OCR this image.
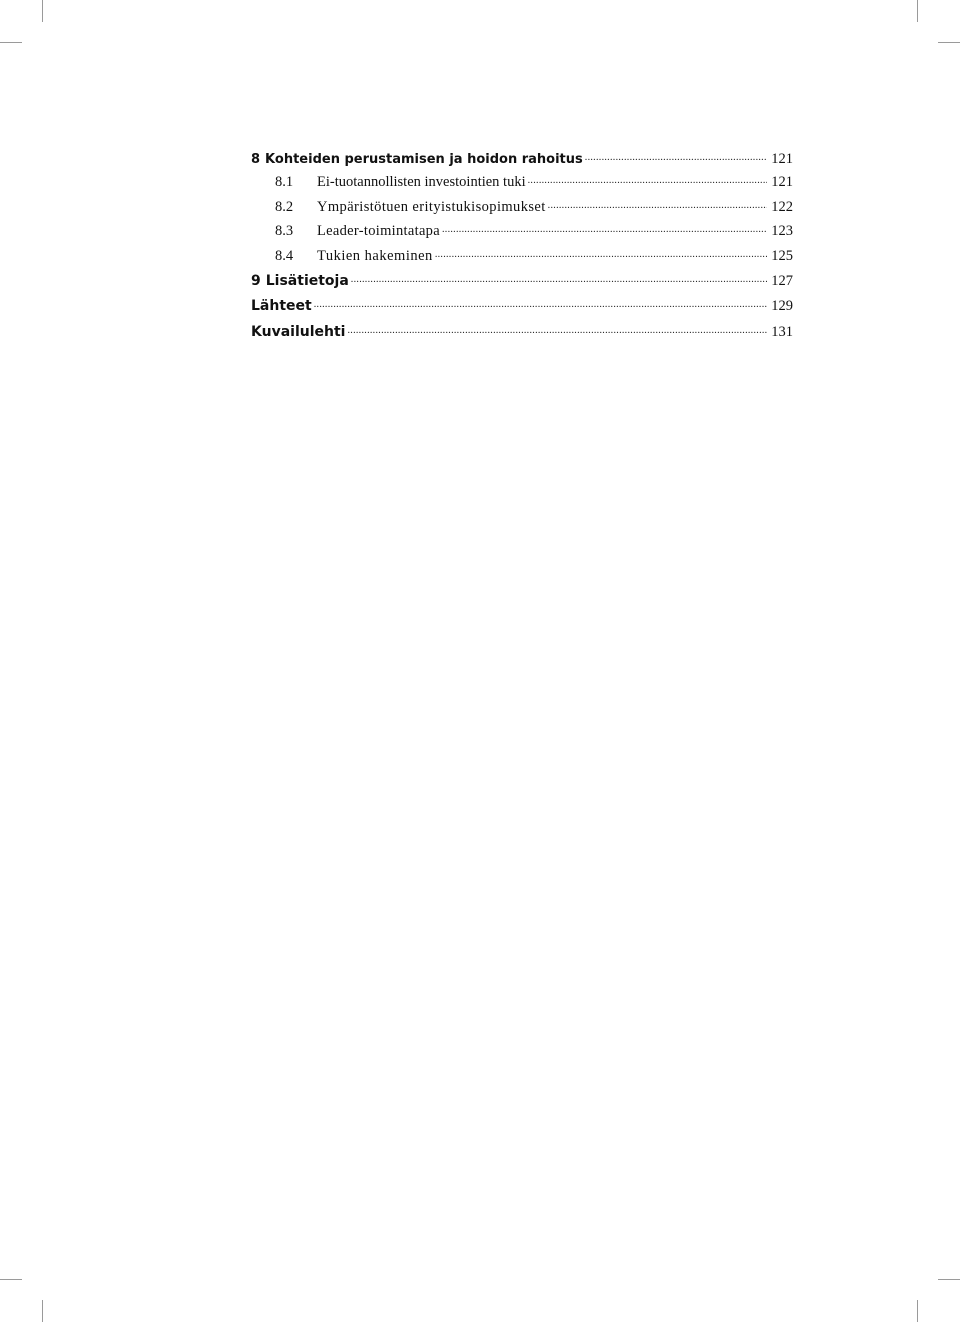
8 Kohteiden perustamisen ja hoidon rahoitus .....	121
8.1	Ei-tuotannollisten investointien tuki .....	121
8.2	Ympäristötuen erityistukisopimukset .....	122
8.3	Leader-toimintatapa .....	123
8.4	Tukien hakeminen .....	125
9 Lisätietoja .....	127
Lähteet .....	129
Kuvailulehti .....	131
